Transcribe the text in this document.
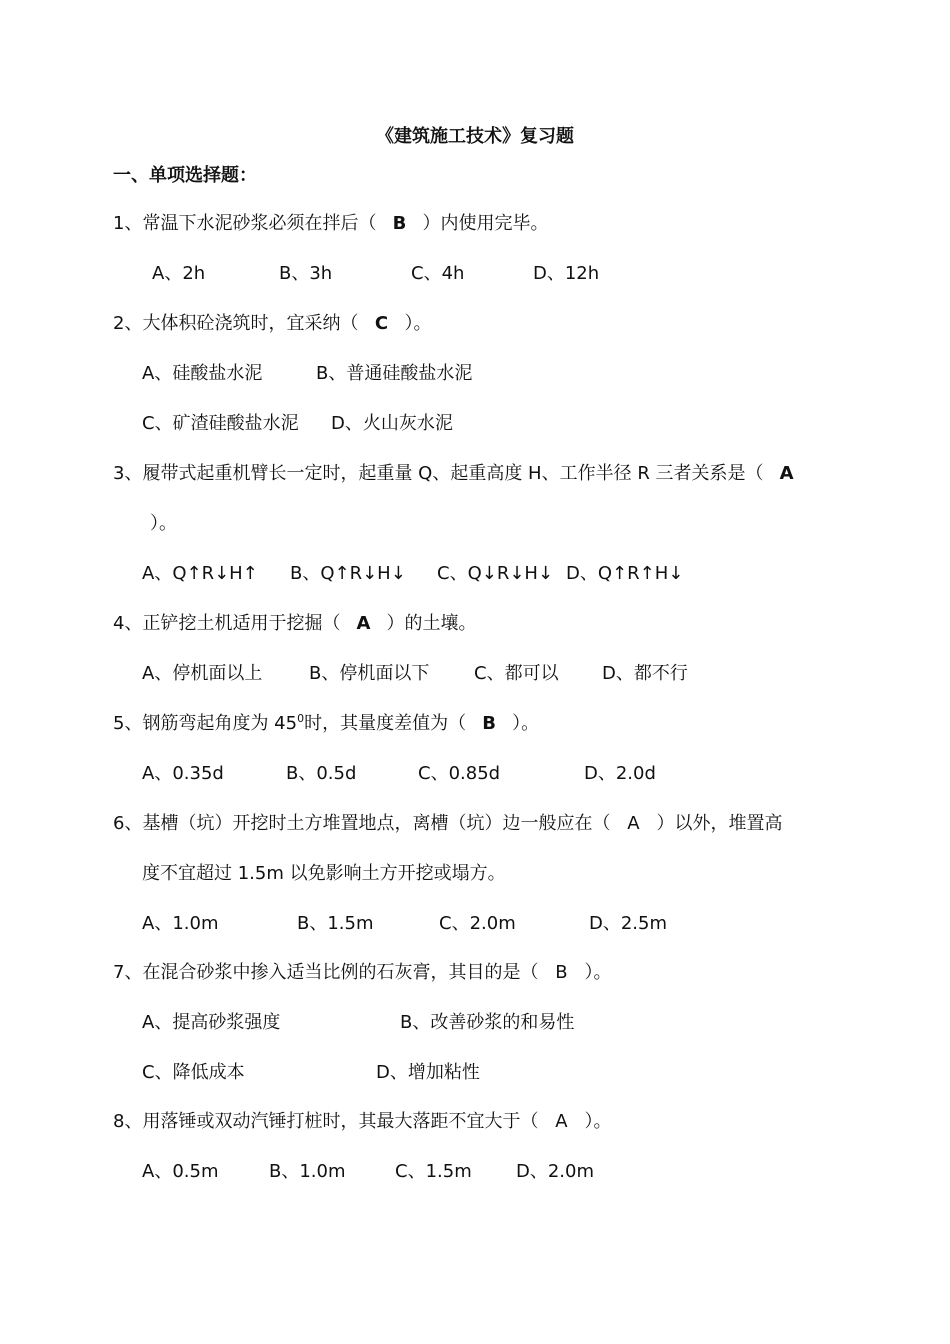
《建筑施工技术》复习题
一、单项选择题：
1、常温下水泥砂浆必须在拌后（ B ）内使用完毕。
A、2h	B、3h	C、4h	D、12h
2、大体积砼浇筑时，宜采纳（ C ）。
A、硅酸盐水泥	B、普通硅酸盐水泥
C、矿渣硅酸盐水泥 D、火山灰水泥
3、履带式起重机臂长一定时，起重量 Q、起重高度 H、工作半径 R 三者关系是（ A
）。
A、Q↑R↓H↑ B、Q↑R↓H↓ C、Q↓R↓H↓ D、Q↑R↑H↓
4、正铲挖土机适用于挖掘（ A ）的土壤。
A、停机面以上	B、停机面以下 C、都可以 D、都不行
5、钢筋弯起角度为 $45^0$时，其量度差值为（ B ）。
A、0.35d	B、0.5d	C、0.85d	D、2.0d
6、基槽（坑）开挖时土方堆置地点，离槽（坑）边一般应在（ A ）以外，堆置高
度不宜超过 1.5m 以免影响土方开挖或塌方。
A、1.0m	B、1.5m	C、2.0m	D、2.5m
7、在混合砂浆中掺入适当比例的石灰膏，其目的是（ B ）。
A、提高砂浆强度	B、改善砂浆的和易性
C、降低成本	D、增加粘性
8、用落锤或双动汽锤打桩时，其最大落距不宜大于（ A ）。
A、0.5m	B、1.0m	C、1.5m D、2.0m
